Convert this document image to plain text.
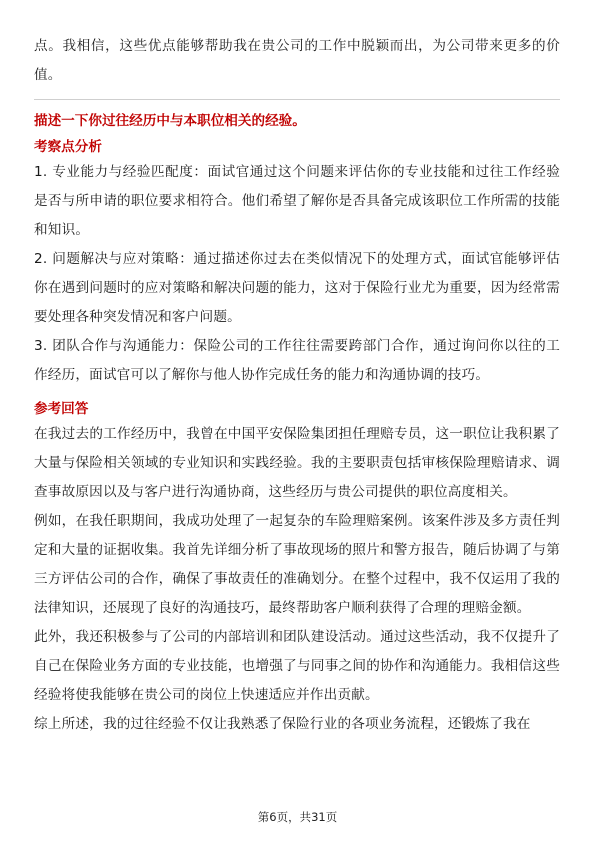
点。我相信，这些优点能够帮助我在贵公司的工作中脱颖而出，为公司带来更多的价值。

描述一下你过往经历中与本职位相关的经验。

考察点分析

1. 专业能力与经验匹配度：面试官通过这个问题来评估你的专业技能和过往工作经验是否与所申请的职位要求相符合。他们希望了解你是否具备完成该职位工作所需的技能和知识。

2. 问题解决与应对策略：通过描述你过去在类似情况下的处理方式，面试官能够评估你在遇到问题时的应对策略和解决问题的能力，这对于保险行业尤为重要，因为经常需要处理各种突发情况和客户问题。

3. 团队合作与沟通能力：保险公司的工作往往需要跨部门合作，通过询问你以往的工作经历，面试官可以了解你与他人协作完成任务的能力和沟通协调的技巧。

参考回答

在我过去的工作经历中，我曾在中国平安保险集团担任理赔专员，这一职位让我积累了大量与保险相关领域的专业知识和实践经验。我的主要职责包括审核保险理赔请求、调查事故原因以及与客户进行沟通协商，这些经历与贵公司提供的职位高度相关。

例如，在我任职期间，我成功处理了一起复杂的车险理赔案例。该案件涉及多方责任判定和大量的证据收集。我首先详细分析了事故现场的照片和警方报告，随后协调了与第三方评估公司的合作，确保了事故责任的准确划分。在整个过程中，我不仅运用了我的法律知识，还展现了良好的沟通技巧，最终帮助客户顺利获得了合理的理赔金额。

此外，我还积极参与了公司的内部培训和团队建设活动。通过这些活动，我不仅提升了自己在保险业务方面的专业技能，也增强了与同事之间的协作和沟通能力。我相信这些经验将使我能够在贵公司的岗位上快速适应并作出贡献。

综上所述，我的过往经验不仅让我熟悉了保险行业的各项业务流程，还锻炼了我在

第6页，共31页
